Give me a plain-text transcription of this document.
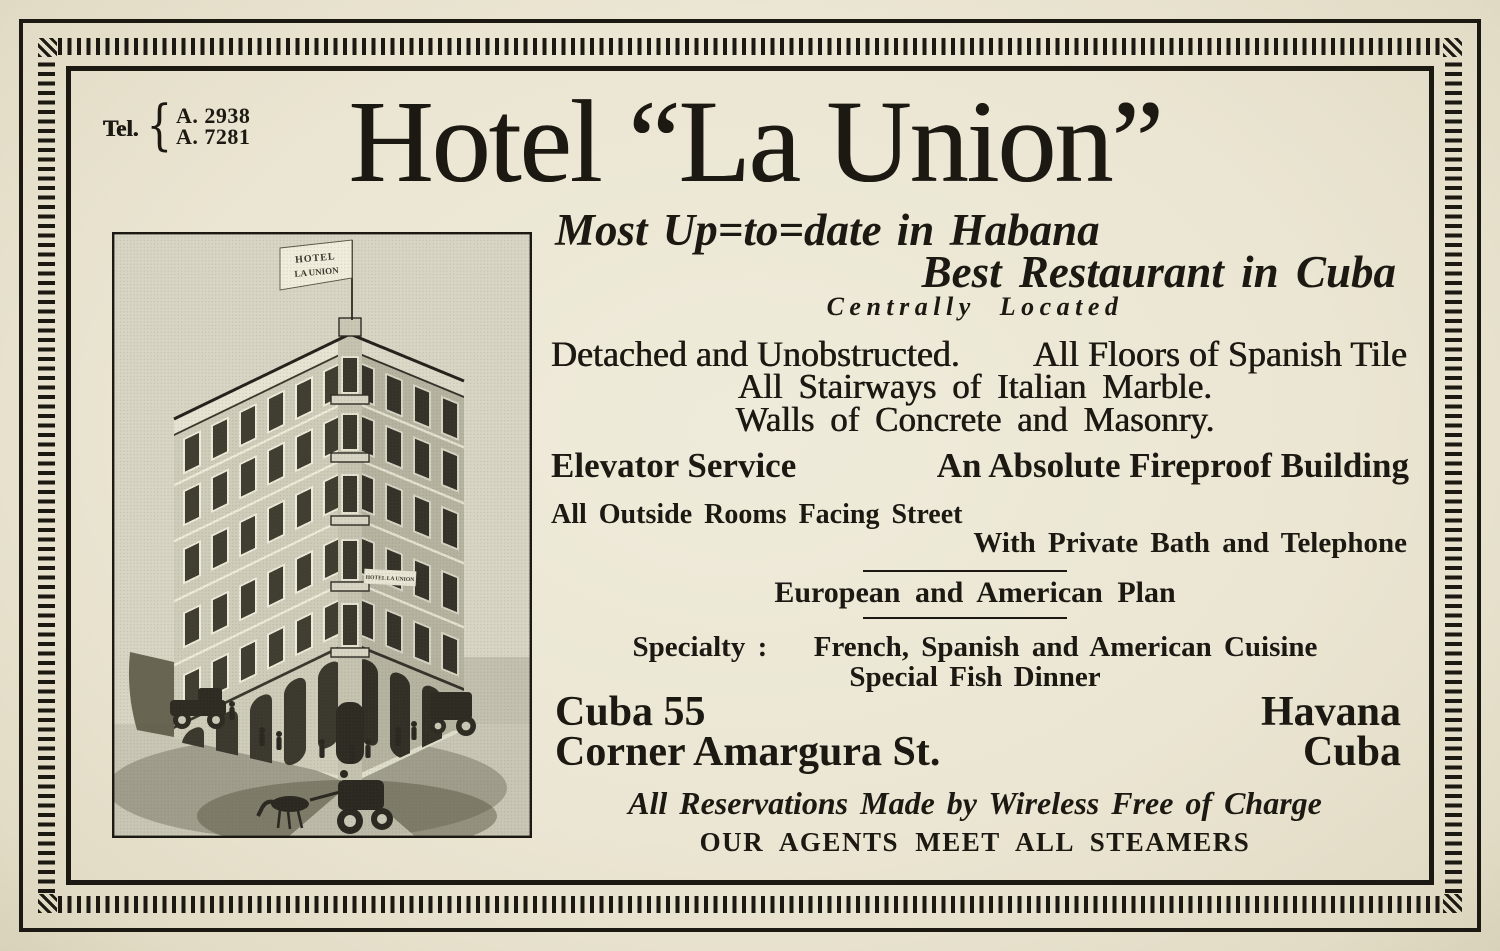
Tel. { A. 2938
A. 7281 Hotel “La Union”
Most Up=to=date in Habana
Best Restaurant in Cuba
Centrally Located
Detached and Unobstructed. All Floors of Spanish Tile
All Stairways of Italian Marble.
Walls of Concrete and Masonry.
Elevator Service	An Absolute Fireproof Building
All Outside Rooms Facing Street
With Private Bath and Telephone
European and American Plan
Specialty : French, Spanish and American Cuisine
Special Fish Dinner
Cuba 55
Corner Amargura St.
Havana
Cuba
All Reservations Made by Wireless Free of Charge
OUR AGENTS MEET ALL STEAMERS
